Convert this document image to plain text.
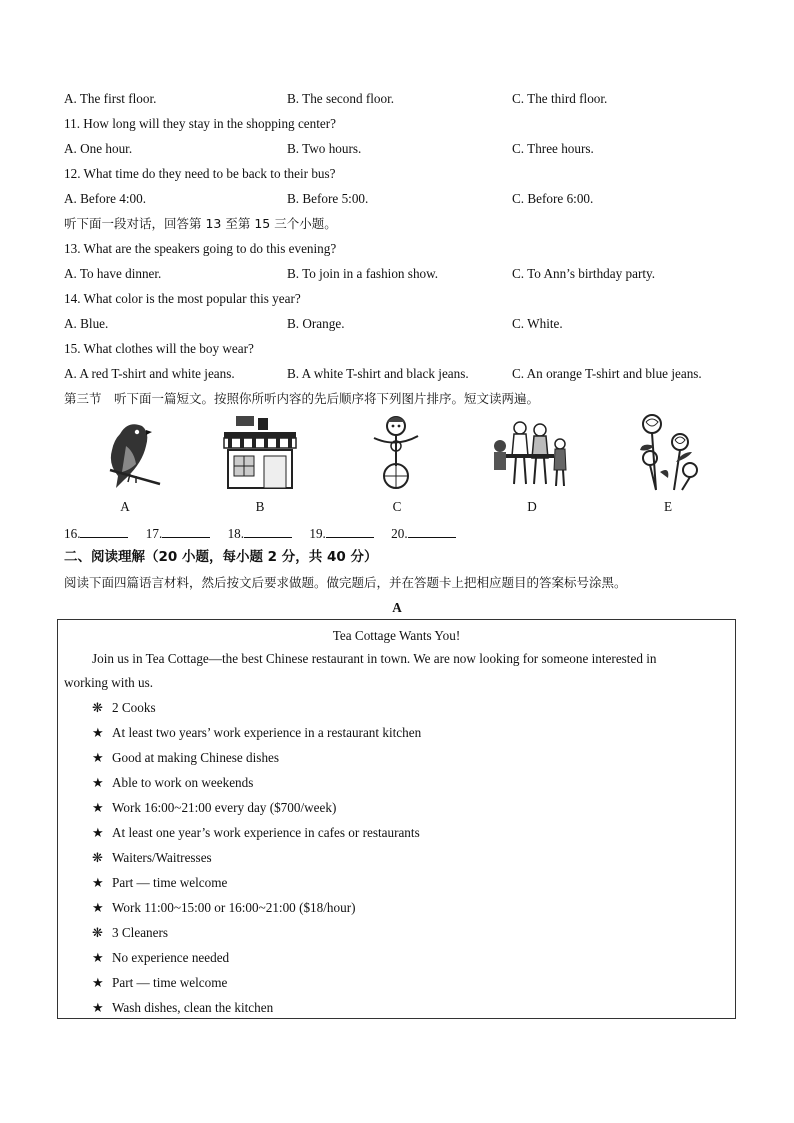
A. The first floor.	B. The second floor.	C. The third floor.
11. How long will they stay in the shopping center?
A. One hour.	B. Two hours.	C. Three hours.
12. What time do they need to be back to their bus?
A. Before 4:00.	B. Before 5:00.	C. Before 6:00.
听下面一段对话，回答第 13 至第 15 三个小题。
13. What are the speakers going to do this evening?
A. To have dinner.	B. To join in a fashion show.	C. To Ann’s birthday party.
14. What color is the most popular this year?
A. Blue.	B. Orange.	C. White.
15. What clothes will the boy wear?
A. A red T-shirt and white jeans.	B. A white T-shirt and black jeans.	C. An orange T-shirt and blue jeans.
第三节　听下面一篇短文。按照你所听内容的先后顺序将下列图片排序。短文读两遍。
A	B	C	D	E
16.	17.	18.	19.	20.
二、阅读理解（20 小题，每小题 2 分，共 40 分）
阅读下面四篇语言材料，然后按文后要求做题。做完题后，并在答题卡上把相应题目的答案标号涂黑。
A
Tea Cottage Wants You!
Join us in Tea Cottage—the best Chinese restaurant in town. We are now looking for someone interested in
working with us.
❋ 2 Cooks
★ At least two years’ work experience in a restaurant kitchen
★ Good at making Chinese dishes
★ Able to work on weekends
★ Work 16:00~21:00 every day ($700/week)
★ At least one year’s work experience in cafes or restaurants
❋ Waiters/Waitresses
★ Part — time welcome
★ Work 11:00~15:00 or 16:00~21:00 ($18/hour)
❋ 3 Cleaners
★ No experience needed
★ Part — time welcome
★ Wash dishes, clean the kitchen
